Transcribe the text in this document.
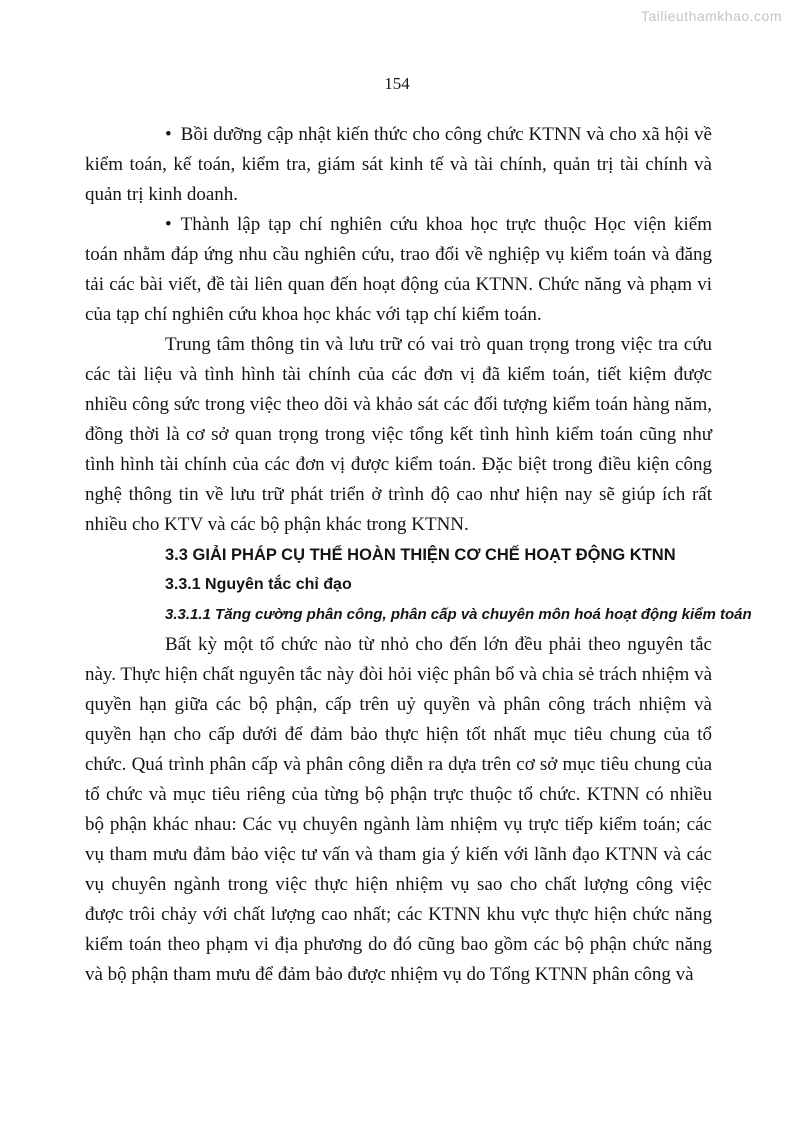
Tailieuthamkhao.com
154

• Bồi dưỡng cập nhật kiến thức cho công chức KTNN và cho xã hội về kiểm toán, kế toán, kiểm tra, giám sát kinh tế và tài chính, quản trị tài chính và quản trị kinh doanh.

• Thành lập tạp chí nghiên cứu khoa học trực thuộc Học viện kiểm toán nhằm đáp ứng nhu cầu nghiên cứu, trao đổi về nghiệp vụ kiểm toán và đăng tải các bài viết, đề tài liên quan đến hoạt động của KTNN. Chức năng và phạm vi của tạp chí nghiên cứu khoa học khác với tạp chí kiểm toán.

Trung tâm thông tin và lưu trữ có vai trò quan trọng trong việc tra cứu các tài liệu và tình hình tài chính của các đơn vị đã kiểm toán, tiết kiệm được nhiều công sức trong việc theo dõi và khảo sát các đối tượng kiểm toán hàng năm, đồng thời là cơ sở quan trọng trong việc tổng kết tình hình kiểm toán cũng như tình hình tài chính của các đơn vị được kiểm toán. Đặc biệt trong điều kiện công nghệ thông tin về lưu trữ phát triển ở trình độ cao như hiện nay sẽ giúp ích rất nhiều cho KTV và các bộ phận khác trong KTNN.

3.3 GIẢI PHÁP CỤ THỂ HOÀN THIỆN CƠ CHẾ HOẠT ĐỘNG KTNN

3.3.1 Nguyên tắc chỉ đạo

3.3.1.1 Tăng cường phân công, phân cấp và chuyên môn hoá hoạt động kiểm toán

Bất kỳ một tổ chức nào từ nhỏ cho đến lớn đều phải theo nguyên tắc này. Thực hiện chất nguyên tắc này đòi hỏi việc phân bổ và chia sẻ trách nhiệm và quyền hạn giữa các bộ phận, cấp trên uỷ quyền và phân công trách nhiệm và quyền hạn cho cấp dưới để đảm bảo thực hiện tốt nhất mục tiêu chung của tổ chức. Quá trình phân cấp và phân công diễn ra dựa trên cơ sở mục tiêu chung của tổ chức và mục tiêu riêng của từng bộ phận trực thuộc tổ chức. KTNN có nhiều bộ phận khác nhau: Các vụ chuyên ngành làm nhiệm vụ trực tiếp kiểm toán; các vụ tham mưu đảm bảo việc tư vấn và tham gia ý kiến với lãnh đạo KTNN và các vụ chuyên ngành trong việc thực hiện nhiệm vụ sao cho chất lượng công việc được trôi chảy với chất lượng cao nhất; các KTNN khu vực thực hiện chức năng kiểm toán theo phạm vi địa phương do đó cũng bao gồm các bộ phận chức năng và bộ phận tham mưu để đảm bảo được nhiệm vụ do Tổng KTNN phân công và
